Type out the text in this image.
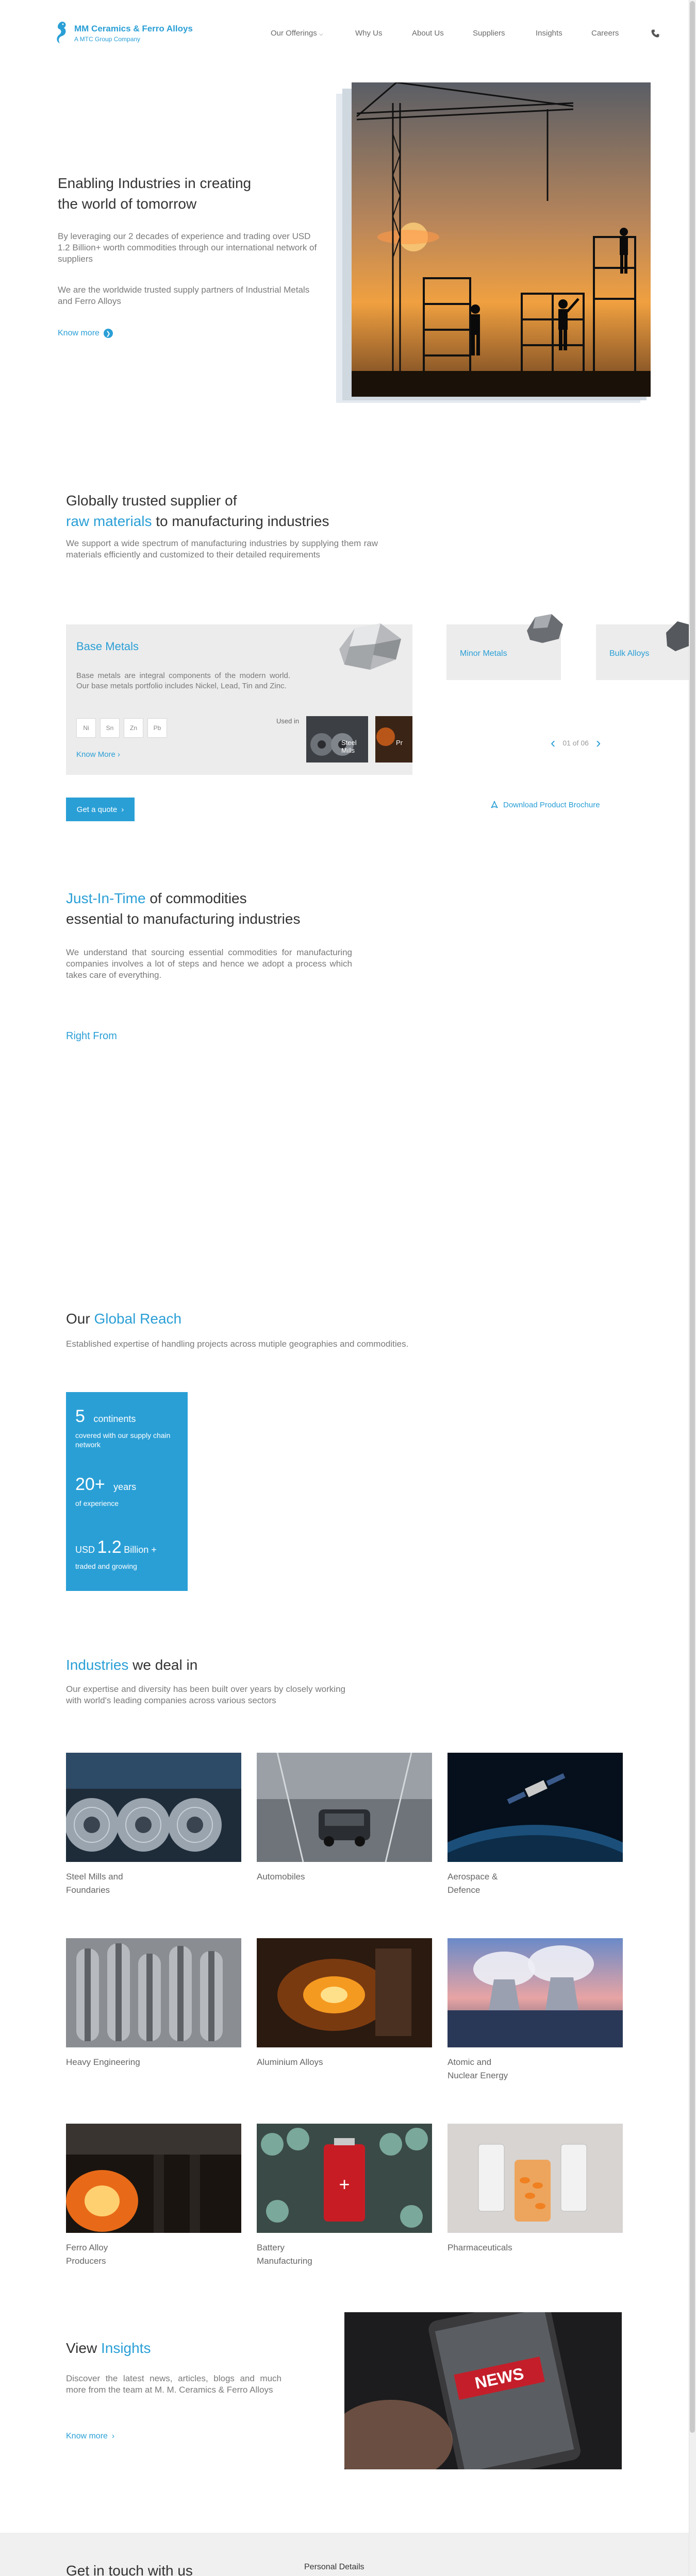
MM Ceramics & Ferro Alloys
A MTC Group Company
Our Offerings ⌵	Why Us	About Us	Suppliers	Insights	Careers
Enabling Industries in creating
the world of tomorrow
By leveraging our 2 decades of experience and trading over USD 1.2 Billion+ worth commodities through our international network of suppliers
We are the worldwide trusted supply partners of Industrial Metals and Ferro Alloys
Know more	❯
Globally trusted supplier of
raw materials to manufacturing industries
We support a wide spectrum of manufacturing industries by supplying them raw materials efficiently and customized to their detailed requirements
Base Metals
Base metals are integral components of the modern world. Our base metals portfolio includes Nickel, Lead, Tin and Zinc.
Ni	Sn	Zn	Pb
Know More ›
Used in
Steel Mills
Pr
Minor Metals	Bulk Alloys
‹ 01 of 06 ›
Get a quote ›
Download Product Brochure
Just-In-Time of commodities
essential to manufacturing industries
We understand that sourcing essential commodities for manufacturing companies involves a lot of steps and hence we adopt a process which takes care of everything.
Right From
Our Global Reach
Established expertise of handling projects across mutiple geographies and commodities.
5 continents
covered with our supply chain network
20+ years
of experience
USD 1.2 Billion +
traded and growing
Industries we deal in
Our expertise and diversity has been built over years by closely working with world's leading companies across various sectors
Steel Mills and
Foundaries
Automobiles	Aerospace &
Defence
Heavy Engineering	Aluminium Alloys	Atomic and
Nuclear Energy
+
Ferro Alloy
Producers
Battery
Manufacturing
Pharmaceuticals
View Insights
Discover the latest news, articles, blogs and much more from the team at M. M. Ceramics & Ferro Alloys
Know more ›
NEWS
Get in touch with us	Personal Details
